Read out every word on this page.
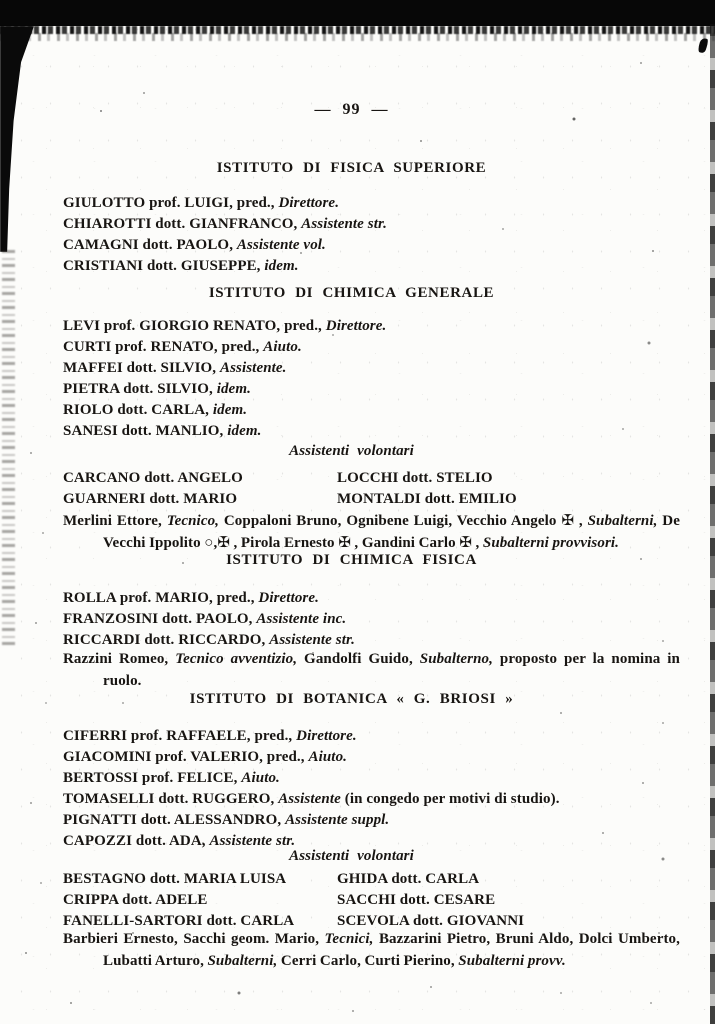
— 99 —
ISTITUTO DI FISICA SUPERIORE
GIULOTTO prof. LUIGI, pred., Direttore.
CHIAROTTI dott. GIANFRANCO, Assistente str.
CAMAGNI dott. PAOLO, Assistente vol.
CRISTIANI dott. GIUSEPPE, idem.
ISTITUTO DI CHIMICA GENERALE
LEVI prof. GIORGIO RENATO, pred., Direttore.
CURTI prof. RENATO, pred., Aiuto.
MAFFEI dott. SILVIO, Assistente.
PIETRA dott. SILVIO, idem.
RIOLO dott. CARLA, idem.
SANESI dott. MANLIO, idem.
Assistenti volontari
CARCANO dott. ANGELO	LOCCHI dott. STELIO
GUARNERI dott. MARIO	MONTALDI dott. EMILIO
Merlini Ettore, Tecnico, Coppaloni Bruno, Ognibene Luigi, Vecchio Angelo ✠ , Subalterni, De Vecchi Ippolito ○,✠ , Pirola Ernesto ✠ , Gandini Carlo ✠ , Subalterni provvisori.
ISTITUTO DI CHIMICA FISICA
ROLLA prof. MARIO, pred., Direttore.
FRANZOSINI dott. PAOLO, Assistente inc.
RICCARDI dott. RICCARDO, Assistente str.
Razzini Romeo, Tecnico avventizio, Gandolfi Guido, Subalterno, proposto per la nomina in ruolo.
ISTITUTO DI BOTANICA « G. BRIOSI »
CIFERRI prof. RAFFAELE, pred., Direttore.
GIACOMINI prof. VALERIO, pred., Aiuto.
BERTOSSI prof. FELICE, Aiuto.
TOMASELLI dott. RUGGERO, Assistente (in congedo per motivi di studio).
PIGNATTI dott. ALESSANDRO, Assistente suppl.
CAPOZZI dott. ADA, Assistente str.
Assistenti volontari
BESTAGNO dott. MARIA LUISA	GHIDA dott. CARLA
CRIPPA dott. ADELE	SACCHI dott. CESARE
FANELLI-SARTORI dott. CARLA	SCEVOLA dott. GIOVANNI
Barbieri Ernesto, Sacchi geom. Mario, Tecnici, Bazzarini Pietro, Bruni Aldo, Dolci Umberto, Lubatti Arturo, Subalterni, Cerri Carlo, Curti Pierino, Subalterni provv.
